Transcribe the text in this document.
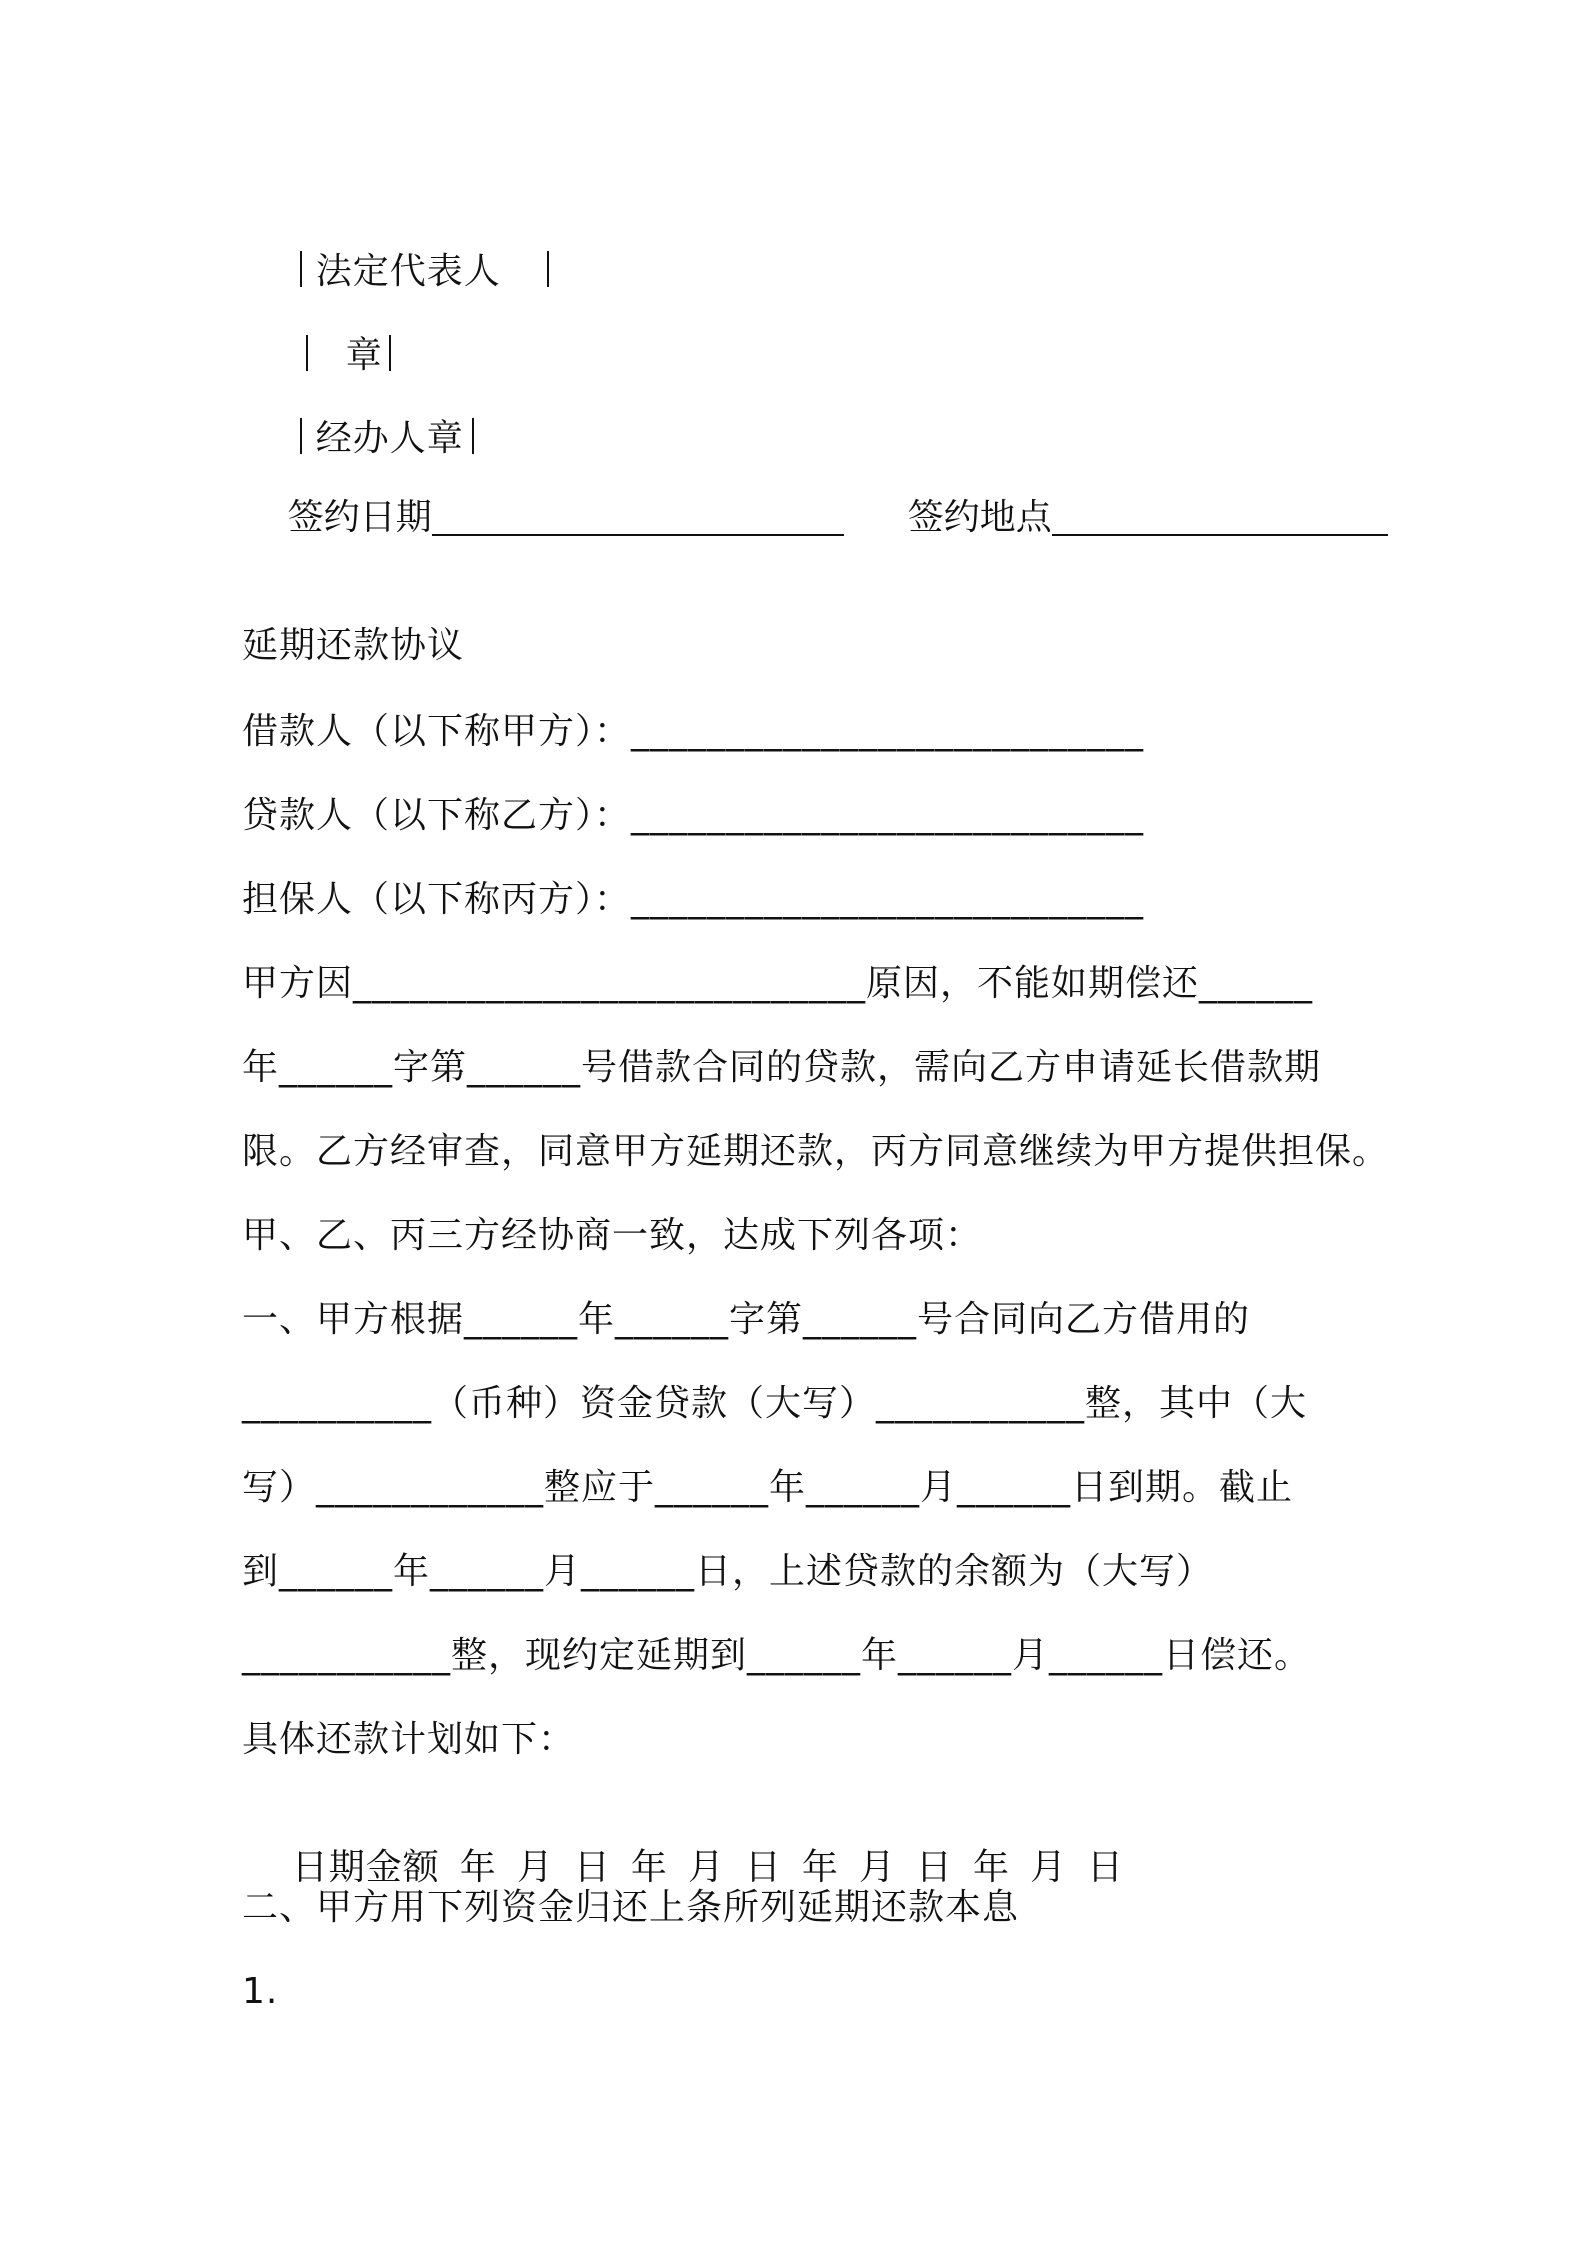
法定代表人

章

经办人章

签约日期
	签约地点

延期还款协议
借款人（以下称甲方）：___________________________
贷款人（以下称乙方）：___________________________
担保人（以下称丙方）：___________________________
甲方因___________________________原因，不能如期偿还______
年______字第______号借款合同的贷款，需向乙方申请延长借款期
限。乙方经审查，同意甲方延期还款，丙方同意继续为甲方提供担保。
甲、乙、丙三方经协商一致，达成下列各项：
一、甲方根据______年______字第______号合同向乙方借用的
__________（币种）资金贷款（大写）___________整，其中（大
写）____________整应于______年______月______日到期。截止
到______年______月______日，上述贷款的余额为（大写）
___________整，现约定延期到______年______月______日偿还。
具体还款计划如下：

日期金额 年 月 日 年 月 日 年 月 日 年 月 日

二、甲方用下列资金归还上条所列延期还款本息
1.
